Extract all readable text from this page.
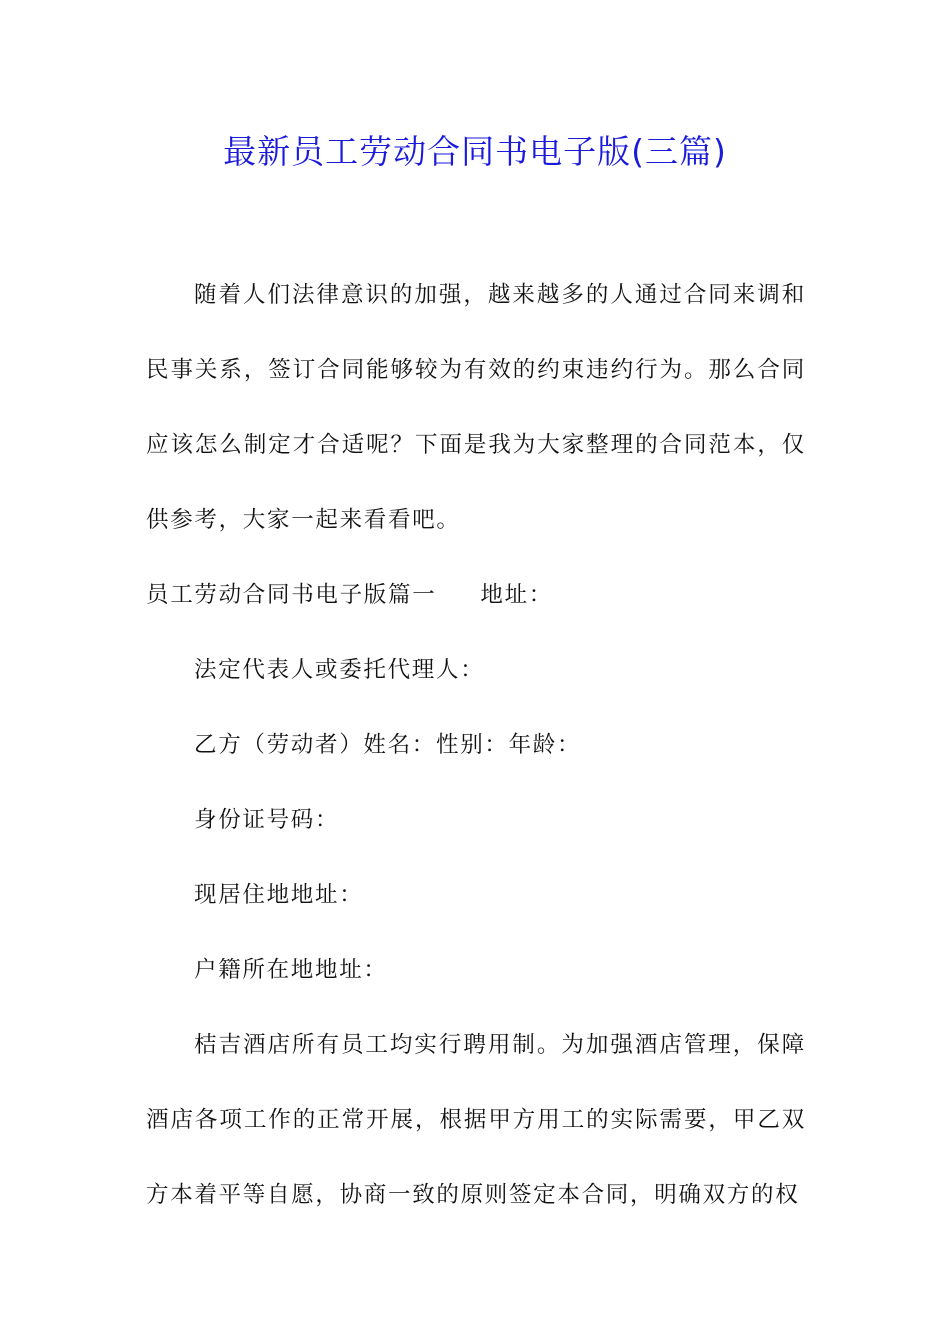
最新员工劳动合同书电子版(三篇)

随着人们法律意识的加强，越来越多的人通过合同来调和民事关系，签订合同能够较为有效的约束违约行为。那么合同应该怎么制定才合适呢？下面是我为大家整理的合同范本，仅供参考，大家一起来看看吧。

员工劳动合同书电子版篇一 地址：

法定代表人或委托代理人：

乙方（劳动者）姓名：性别：年龄：

身份证号码：

现居住地地址：

户籍所在地地址：

桔吉酒店所有员工均实行聘用制。为加强酒店管理，保障酒店各项工作的正常开展，根据甲方用工的实际需要，甲乙双方本着平等自愿，协商一致的原则签定本合同，明确双方的权
